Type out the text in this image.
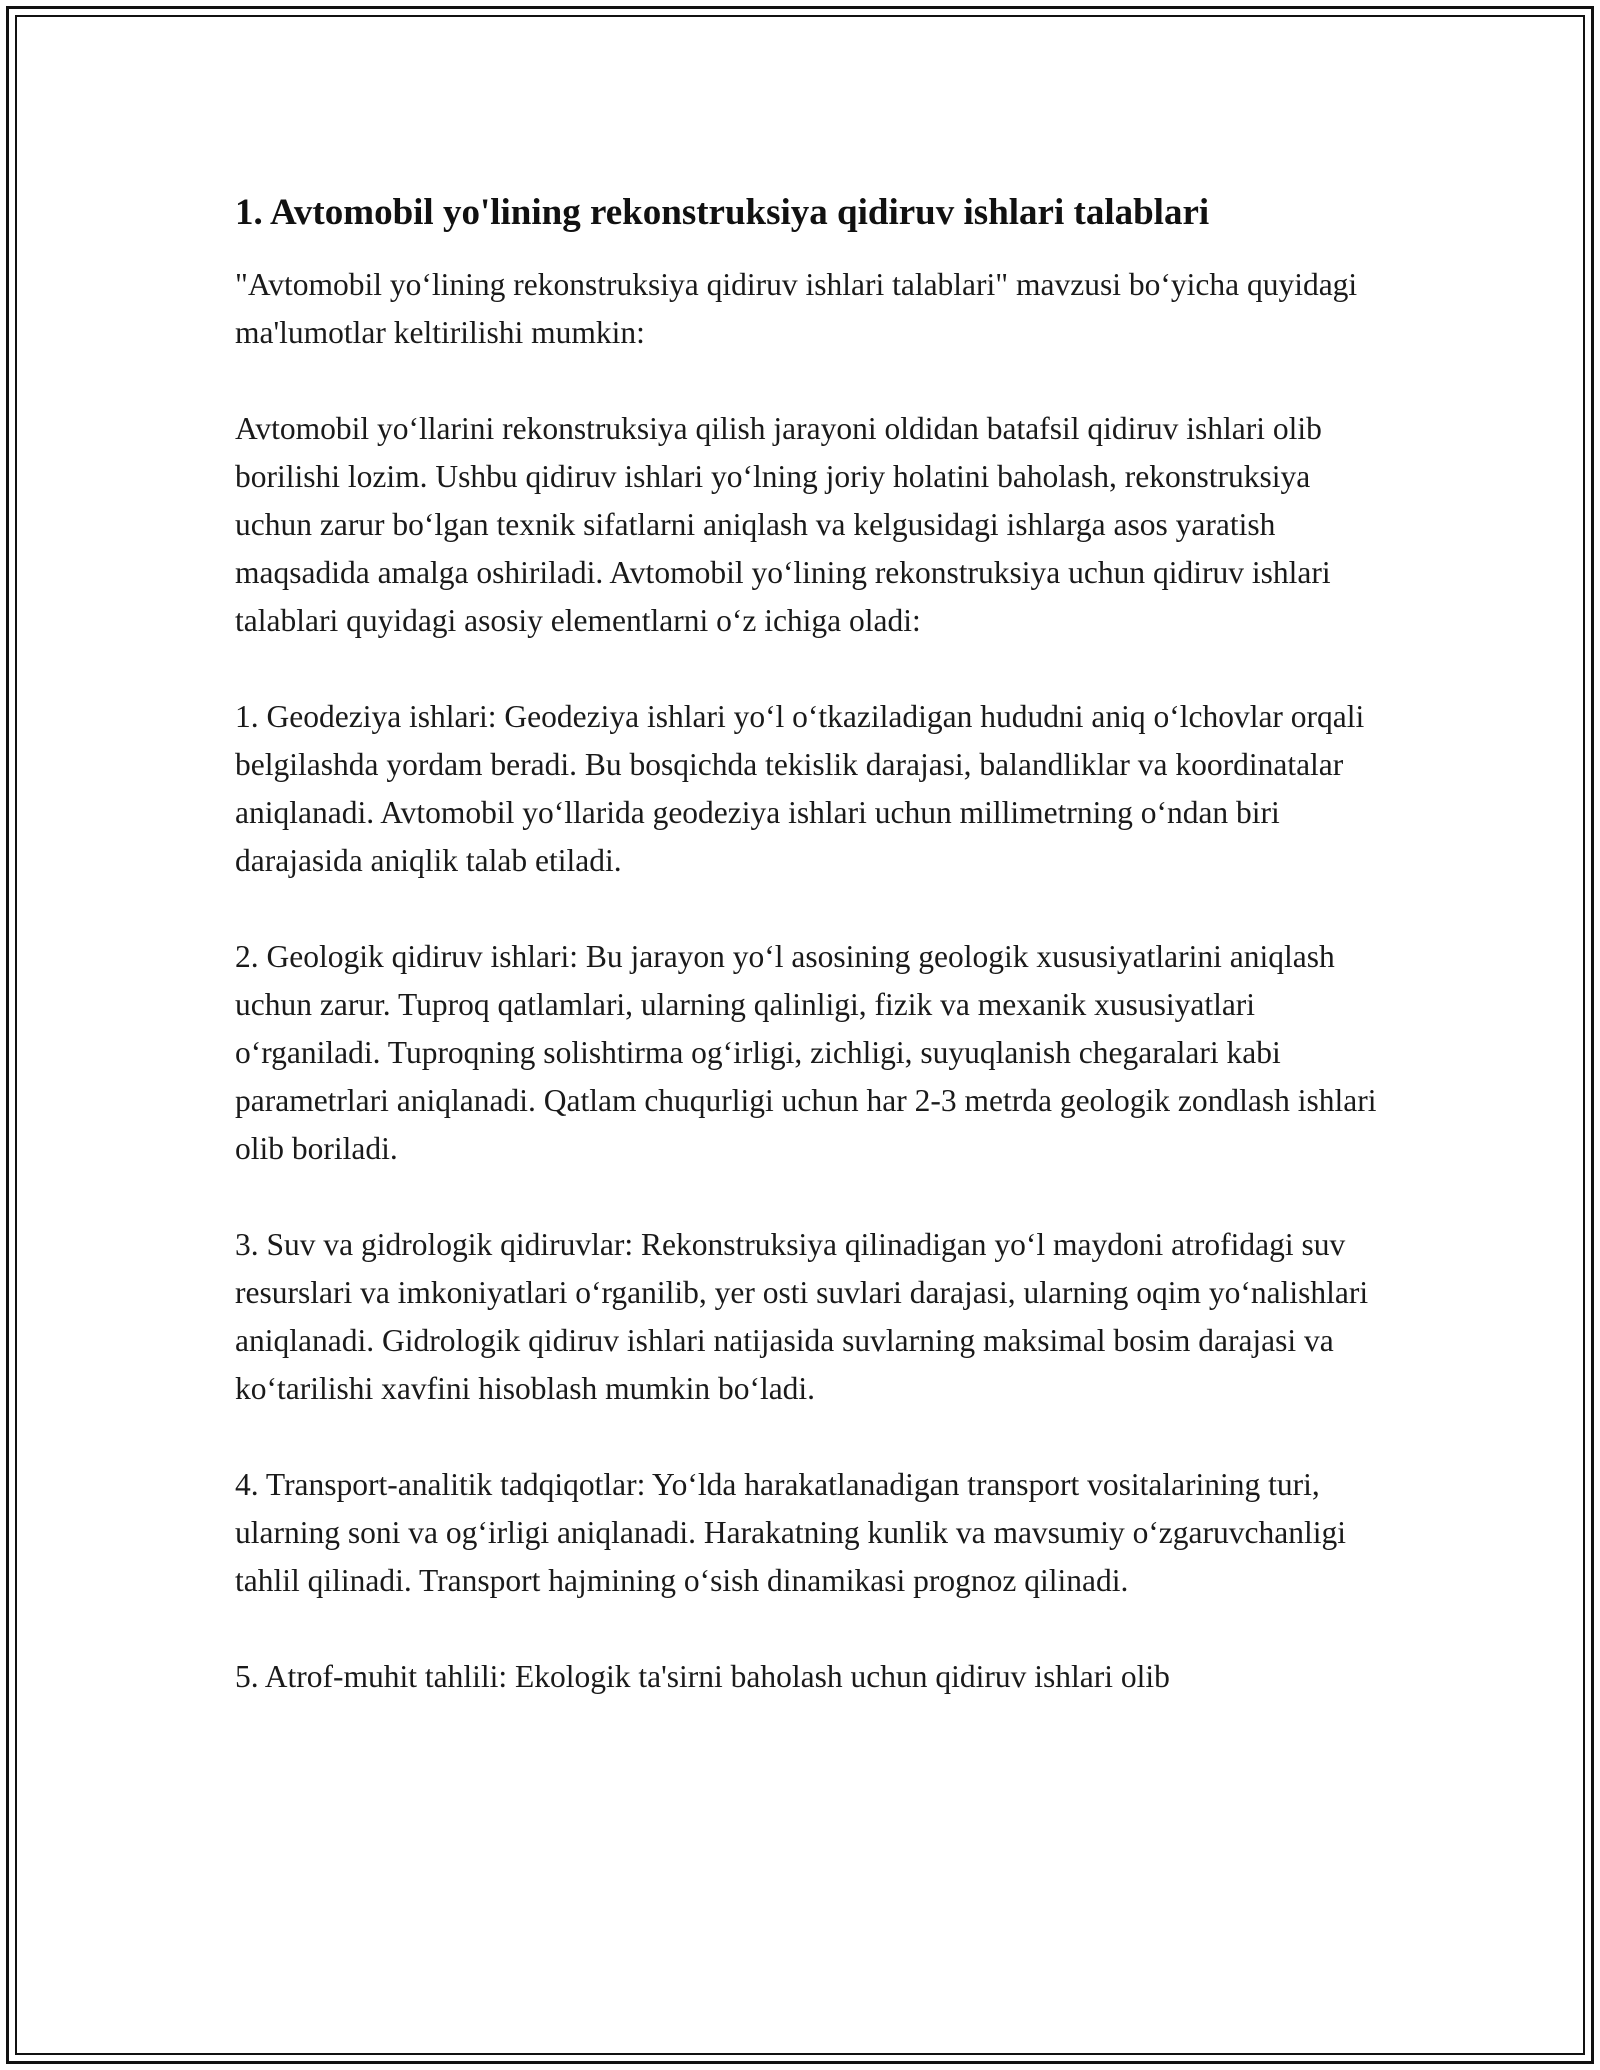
1. Avtomobil yo'lining rekonstruksiya qidiruv ishlari talablari

"Avtomobil yo‘lining rekonstruksiya qidiruv ishlari talablari" mavzusi bo‘yicha quyidagi ma'lumotlar keltirilishi mumkin:

Avtomobil yo‘llarini rekonstruksiya qilish jarayoni oldidan batafsil qidiruv ishlari olib borilishi lozim. Ushbu qidiruv ishlari yo‘lning joriy holatini baholash, rekonstruksiya uchun zarur bo‘lgan texnik sifatlarni aniqlash va kelgusidagi ishlarga asos yaratish maqsadida amalga oshiriladi. Avtomobil yo‘lining rekonstruksiya uchun qidiruv ishlari talablari quyidagi asosiy elementlarni o‘z ichiga oladi:

1. Geodeziya ishlari: Geodeziya ishlari yo‘l o‘tkaziladigan hududni aniq o‘lchovlar orqali belgilashda yordam beradi. Bu bosqichda tekislik darajasi, balandliklar va koordinatalar aniqlanadi. Avtomobil yo‘llarida geodeziya ishlari uchun millimetrning o‘ndan biri darajasida aniqlik talab etiladi.

2. Geologik qidiruv ishlari: Bu jarayon yo‘l asosining geologik xususiyatlarini aniqlash uchun zarur. Tuproq qatlamlari, ularning qalinligi, fizik va mexanik xususiyatlari o‘rganiladi. Tuproqning solishtirma og‘irligi, zichligi, suyuqlanish chegaralari kabi parametrlari aniqlanadi. Qatlam chuqurligi uchun har 2-3 metrda geologik zondlash ishlari olib boriladi.

3. Suv va gidrologik qidiruvlar: Rekonstruksiya qilinadigan yo‘l maydoni atrofidagi suv resurslari va imkoniyatlari o‘rganilib, yer osti suvlari darajasi, ularning oqim yo‘nalishlari aniqlanadi. Gidrologik qidiruv ishlari natijasida suvlarning maksimal bosim darajasi va ko‘tarilishi xavfini hisoblash mumkin bo‘ladi.

4. Transport-analitik tadqiqotlar: Yo‘lda harakatlanadigan transport vositalarining turi, ularning soni va og‘irligi aniqlanadi. Harakatning kunlik va mavsumiy o‘zgaruvchanligi tahlil qilinadi. Transport hajmining o‘sish dinamikasi prognoz qilinadi.

5. Atrof-muhit tahlili: Ekologik ta'sirni baholash uchun qidiruv ishlari olib
